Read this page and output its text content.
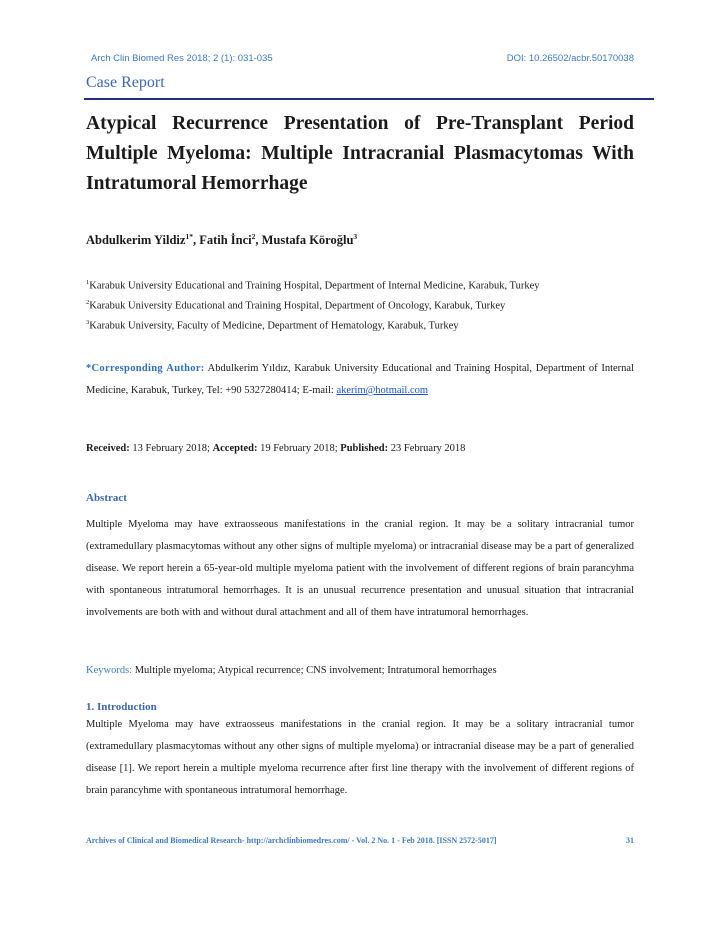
Arch Clin Biomed Res 2018; 2 (1): 031-035	DOI: 10.26502/acbr.50170038
Case Report
Atypical Recurrence Presentation of Pre-Transplant Period
Multiple Myeloma: Multiple Intracranial Plasmacytomas With
Intratumoral Hemorrhage
Abdulkerim Yildiz$^{1*}$, Fatih İnci$^2$, Mustafa Köroğlu$^3$
$^1$Karabuk University Educational and Training Hospital, Department of Internal Medicine, Karabuk, Turkey
$^2$Karabuk University Educational and Training Hospital, Department of Oncology, Karabuk, Turkey
$^3$Karabuk University, Faculty of Medicine, Department of Hematology, Karabuk, Turkey

*Corresponding Author: Abdulkerim Yıldız, Karabuk University Educational and Training Hospital, Department of Internal Medicine, Karabuk, Turkey, Tel: +90 5327280414; E-mail: akerim@hotmail.com

Received: 13 February 2018; Accepted: 19 February 2018; Published: 23 February 2018
Abstract

Multiple Myeloma may have extraosseous manifestations in the cranial region. It may be a solitary intracranial tumor (extramedullary plasmacytomas without any other signs of multiple myeloma) or intracranial disease may be a part of generalized disease. We report herein a 65-year-old multiple myeloma patient with the involvement of different regions of brain parancyhma with spontaneous intratumoral hemorrhages. It is an unusual recurrence presentation and unusual situation that intracranial involvements are both with and without dural attachment and all of them have intratumoral hemorrhages.

Keywords: Multiple myeloma; Atypical recurrence; CNS involvement; Intratumoral hemorrhages
1. Introduction

Multiple Myeloma may have extraosseus manifestations in the cranial region. It may be a solitary intracranial tumor (extramedullary plasmacytomas without any other signs of multiple myeloma) or intracranial disease may be a part of generalied disease [1]. We report herein a multiple myeloma recurrence after first line therapy with the involvement of different regions of brain parancyhme with spontaneous intratumoral hemorrhage.

Archives of Clinical and Biomedical Research- http://archclinbiomedres.com/ - Vol. 2 No. 1 - Feb 2018. [ISSN 2572-5017]	31
